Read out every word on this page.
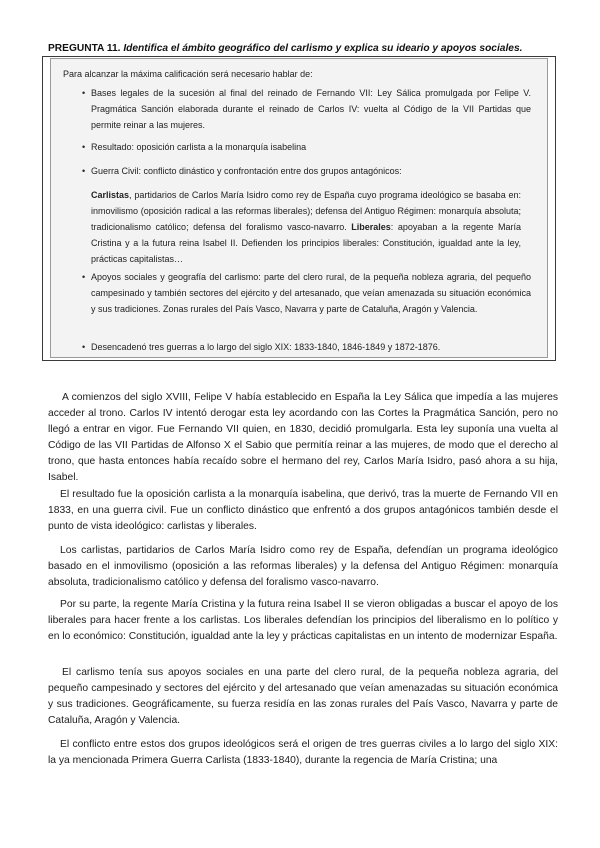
PREGUNTA 11. Identifica el ámbito geográfico del carlismo y explica su ideario y apoyos sociales.
Para alcanzar la máxima calificación será necesario hablar de:
• Bases legales de la sucesión al final del reinado de Fernando VII: Ley Sálica promulgada por Felipe V. Pragmática Sanción elaborada durante el reinado de Carlos IV: vuelta al Código de la VII Partidas que permite reinar a las mujeres.
• Resultado: oposición carlista a la monarquía isabelina
• Guerra Civil: conflicto dinástico y confrontación entre dos grupos antagónicos:
Carlistas, partidarios de Carlos María Isidro como rey de España cuyo programa ideológico se basaba en: inmovilismo (oposición radical a las reformas liberales); defensa del Antiguo Régimen: monarquía absoluta; tradicionalismo católico; defensa del foralismo vasco-navarro. Liberales: apoyaban a la regente María Cristina y a la futura reina Isabel II. Defienden los principios liberales: Constitución, igualdad ante la ley, prácticas capitalistas…
• Apoyos sociales y geografía del carlismo: parte del clero rural, de la pequeña nobleza agraria, del pequeño campesinado y también sectores del ejército y del artesanado, que veían amenazada su situación económica y sus tradiciones. Zonas rurales del País Vasco, Navarra y parte de Cataluña, Aragón y Valencia.
• Desencadenó tres guerras a lo largo del siglo XIX: 1833-1840, 1846-1849 y 1872-1876.
A comienzos del siglo XVIII, Felipe V había establecido en España la Ley Sálica que impedía a las mujeres acceder al trono. Carlos IV intentó derogar esta ley acordando con las Cortes la Pragmática Sanción, pero no llegó a entrar en vigor. Fue Fernando VII quien, en 1830, decidió promulgarla. Esta ley suponía una vuelta al Código de las VII Partidas de Alfonso X el Sabio que permitía reinar a las mujeres, de modo que el derecho al trono, que hasta entonces había recaído sobre el hermano del rey, Carlos María Isidro, pasó ahora a su hija, Isabel.
El resultado fue la oposición carlista a la monarquía isabelina, que derivó, tras la muerte de Fernando VII en 1833, en una guerra civil. Fue un conflicto dinástico que enfrentó a dos grupos antagónicos también desde el punto de vista ideológico: carlistas y liberales.
Los carlistas, partidarios de Carlos María Isidro como rey de España, defendían un programa ideológico basado en el inmovilismo (oposición a las reformas liberales) y la defensa del Antiguo Régimen: monarquía absoluta, tradicionalismo católico y defensa del foralismo vasco-navarro.
Por su parte, la regente María Cristina y la futura reina Isabel II se vieron obligadas a buscar el apoyo de los liberales para hacer frente a los carlistas. Los liberales defendían los principios del liberalismo en lo político y en lo económico: Constitución, igualdad ante la ley y prácticas capitalistas en un intento de modernizar España.
El carlismo tenía sus apoyos sociales en una parte del clero rural, de la pequeña nobleza agraria, del pequeño campesinado y sectores del ejército y del artesanado que veían amenazadas su situación económica y sus tradiciones. Geográficamente, su fuerza residía en las zonas rurales del País Vasco, Navarra y parte de Cataluña, Aragón y Valencia.
El conflicto entre estos dos grupos ideológicos será el origen de tres guerras civiles a lo largo del siglo XIX: la ya mencionada Primera Guerra Carlista (1833-1840), durante la regencia de María Cristina; una
